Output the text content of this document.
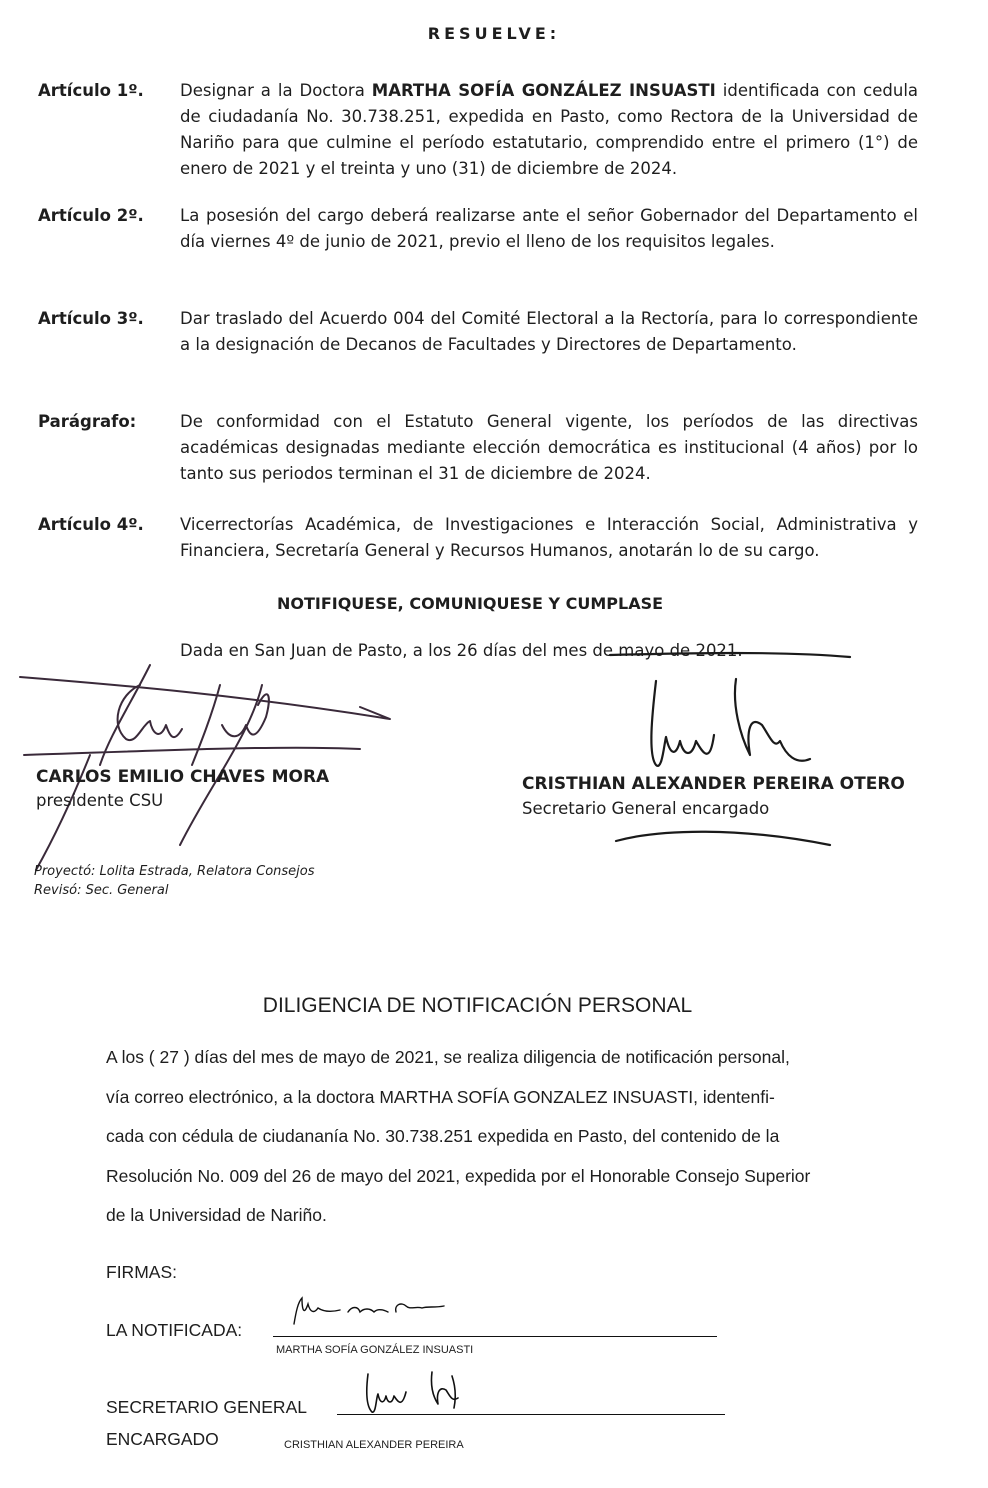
RESUELVE:
Artículo 1º. Designar a la Doctora MARTHA SOFÍA GONZÁLEZ INSUASTI identificada con cedula de ciudadanía No. 30.738.251, expedida en Pasto, como Rectora de la Universidad de Nariño para que culmine el período estatutario, comprendido entre el primero (1°) de enero de 2021 y el treinta y uno (31) de diciembre de 2024.
Artículo 2º. La posesión del cargo deberá realizarse ante el señor Gobernador del Departamento el día viernes 4º de junio de 2021, previo el lleno de los requisitos legales.
Artículo 3º. Dar traslado del Acuerdo 004 del Comité Electoral a la Rectoría, para lo correspondiente a la designación de Decanos de Facultades y Directores de Departamento.
Parágrafo:	De conformidad con el Estatuto General vigente, los períodos de las directivas académicas designadas mediante elección democrática es institucional (4 años) por lo tanto sus periodos terminan el 31 de diciembre de 2024.
Artículo 4º. Vicerrectorías Académica, de Investigaciones e Interacción Social, Administrativa y Financiera, Secretaría General y Recursos Humanos, anotarán lo de su cargo.
NOTIFIQUESE, COMUNIQUESE Y CUMPLASE
Dada en San Juan de Pasto, a los 26 días del mes de mayo de 2021.
CARLOS EMILIO CHAVES MORA
presidente CSU
CRISTHIAN ALEXANDER PEREIRA OTERO
Secretario General encargado
Proyectó: Lolita Estrada, Relatora Consejos
Revisó: Sec. General
DILIGENCIA DE NOTIFICACIÓN PERSONAL
A los ( 27 ) días del mes de mayo de 2021, se realiza diligencia de notificación personal,
vía correo electrónico, a la doctora MARTHA SOFÍA GONZALEZ INSUASTI, identenfi-
cada con cédula de ciudananía No. 30.738.251 expedida en Pasto, del contenido de la
Resolución No. 009 del 26 de mayo del 2021, expedida por el Honorable Consejo Superior
de la Universidad de Nariño.
FIRMAS:
LA NOTIFICADA:
MARTHA SOFÍA GONZÁLEZ INSUASTI
SECRETARIO GENERAL
ENCARGADO	CRISTHIAN ALEXANDER PEREIRA
